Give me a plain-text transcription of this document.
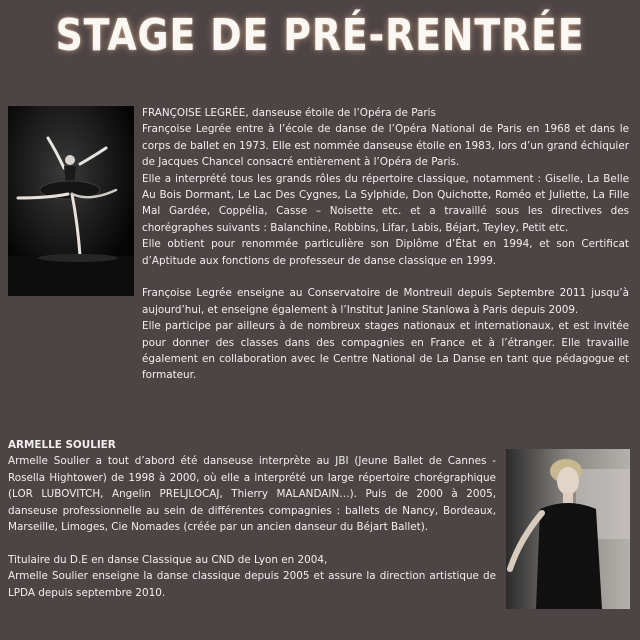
STAGE DE PRÉ-RENTRÉE

FRANÇOISE LEGRÉE, danseuse étoile de l’Opéra de Paris

Françoise Legrée entre à l’école de danse de l’Opéra National de Paris en 1968 et dans le corps de ballet en 1973. Elle est nommée danseuse étoile en 1983, lors d’un grand échiquier de Jacques Chancel consacré entièrement à l’Opéra de Paris.

Elle a interprété tous les grands rôles du répertoire classique, notamment : Giselle, La Belle Au Bois Dormant, Le Lac Des Cygnes, La Sylphide, Don Quichotte, Roméo et Juliette, La Fille Mal Gardée, Coppélia, Casse – Noisette etc. et a travaillé sous les directives des chorégraphes suivants : Balanchine, Robbins, Lifar, Labis, Béjart, Teyley, Petit etc.

Elle obtient pour renommée particulière son Diplôme d’État en 1994, et son Certificat d’Aptitude aux fonctions de professeur de danse classique en 1999.

Françoise Legrée enseigne au Conservatoire de Montreuil depuis Septembre 2011 jusqu’à aujourd’hui, et enseigne également à l’Institut Janine Stanlowa à Paris depuis 2009.

Elle participe par ailleurs à de nombreux stages nationaux et internationaux, et est invitée pour donner des classes dans des compagnies en France et à l’étranger. Elle travaille également en collaboration avec le Centre National de La Danse en tant que pédagogue et formateur.

ARMELLE SOULIER

Armelle Soulier a tout d’abord été danseuse interprète au JBI (Jeune Ballet de Cannes -Rosella Hightower) de 1998 à 2000, où elle a interprété un large répertoire chorégraphique (LOR LUBOVITCH, Angelin PRELJLOCAJ, Thierry MALANDAIN…). Puis de 2000 à 2005, danseuse professionnelle au sein de différentes compagnies : ballets de Nancy, Bordeaux, Marseille, Limoges, Cie Nomades (créée par un ancien danseur du Béjart Ballet).

Titulaire du D.E en danse Classique au CND de Lyon en 2004,

Armelle Soulier enseigne la danse classique depuis 2005 et assure la direction artistique de LPDA depuis septembre 2010.
